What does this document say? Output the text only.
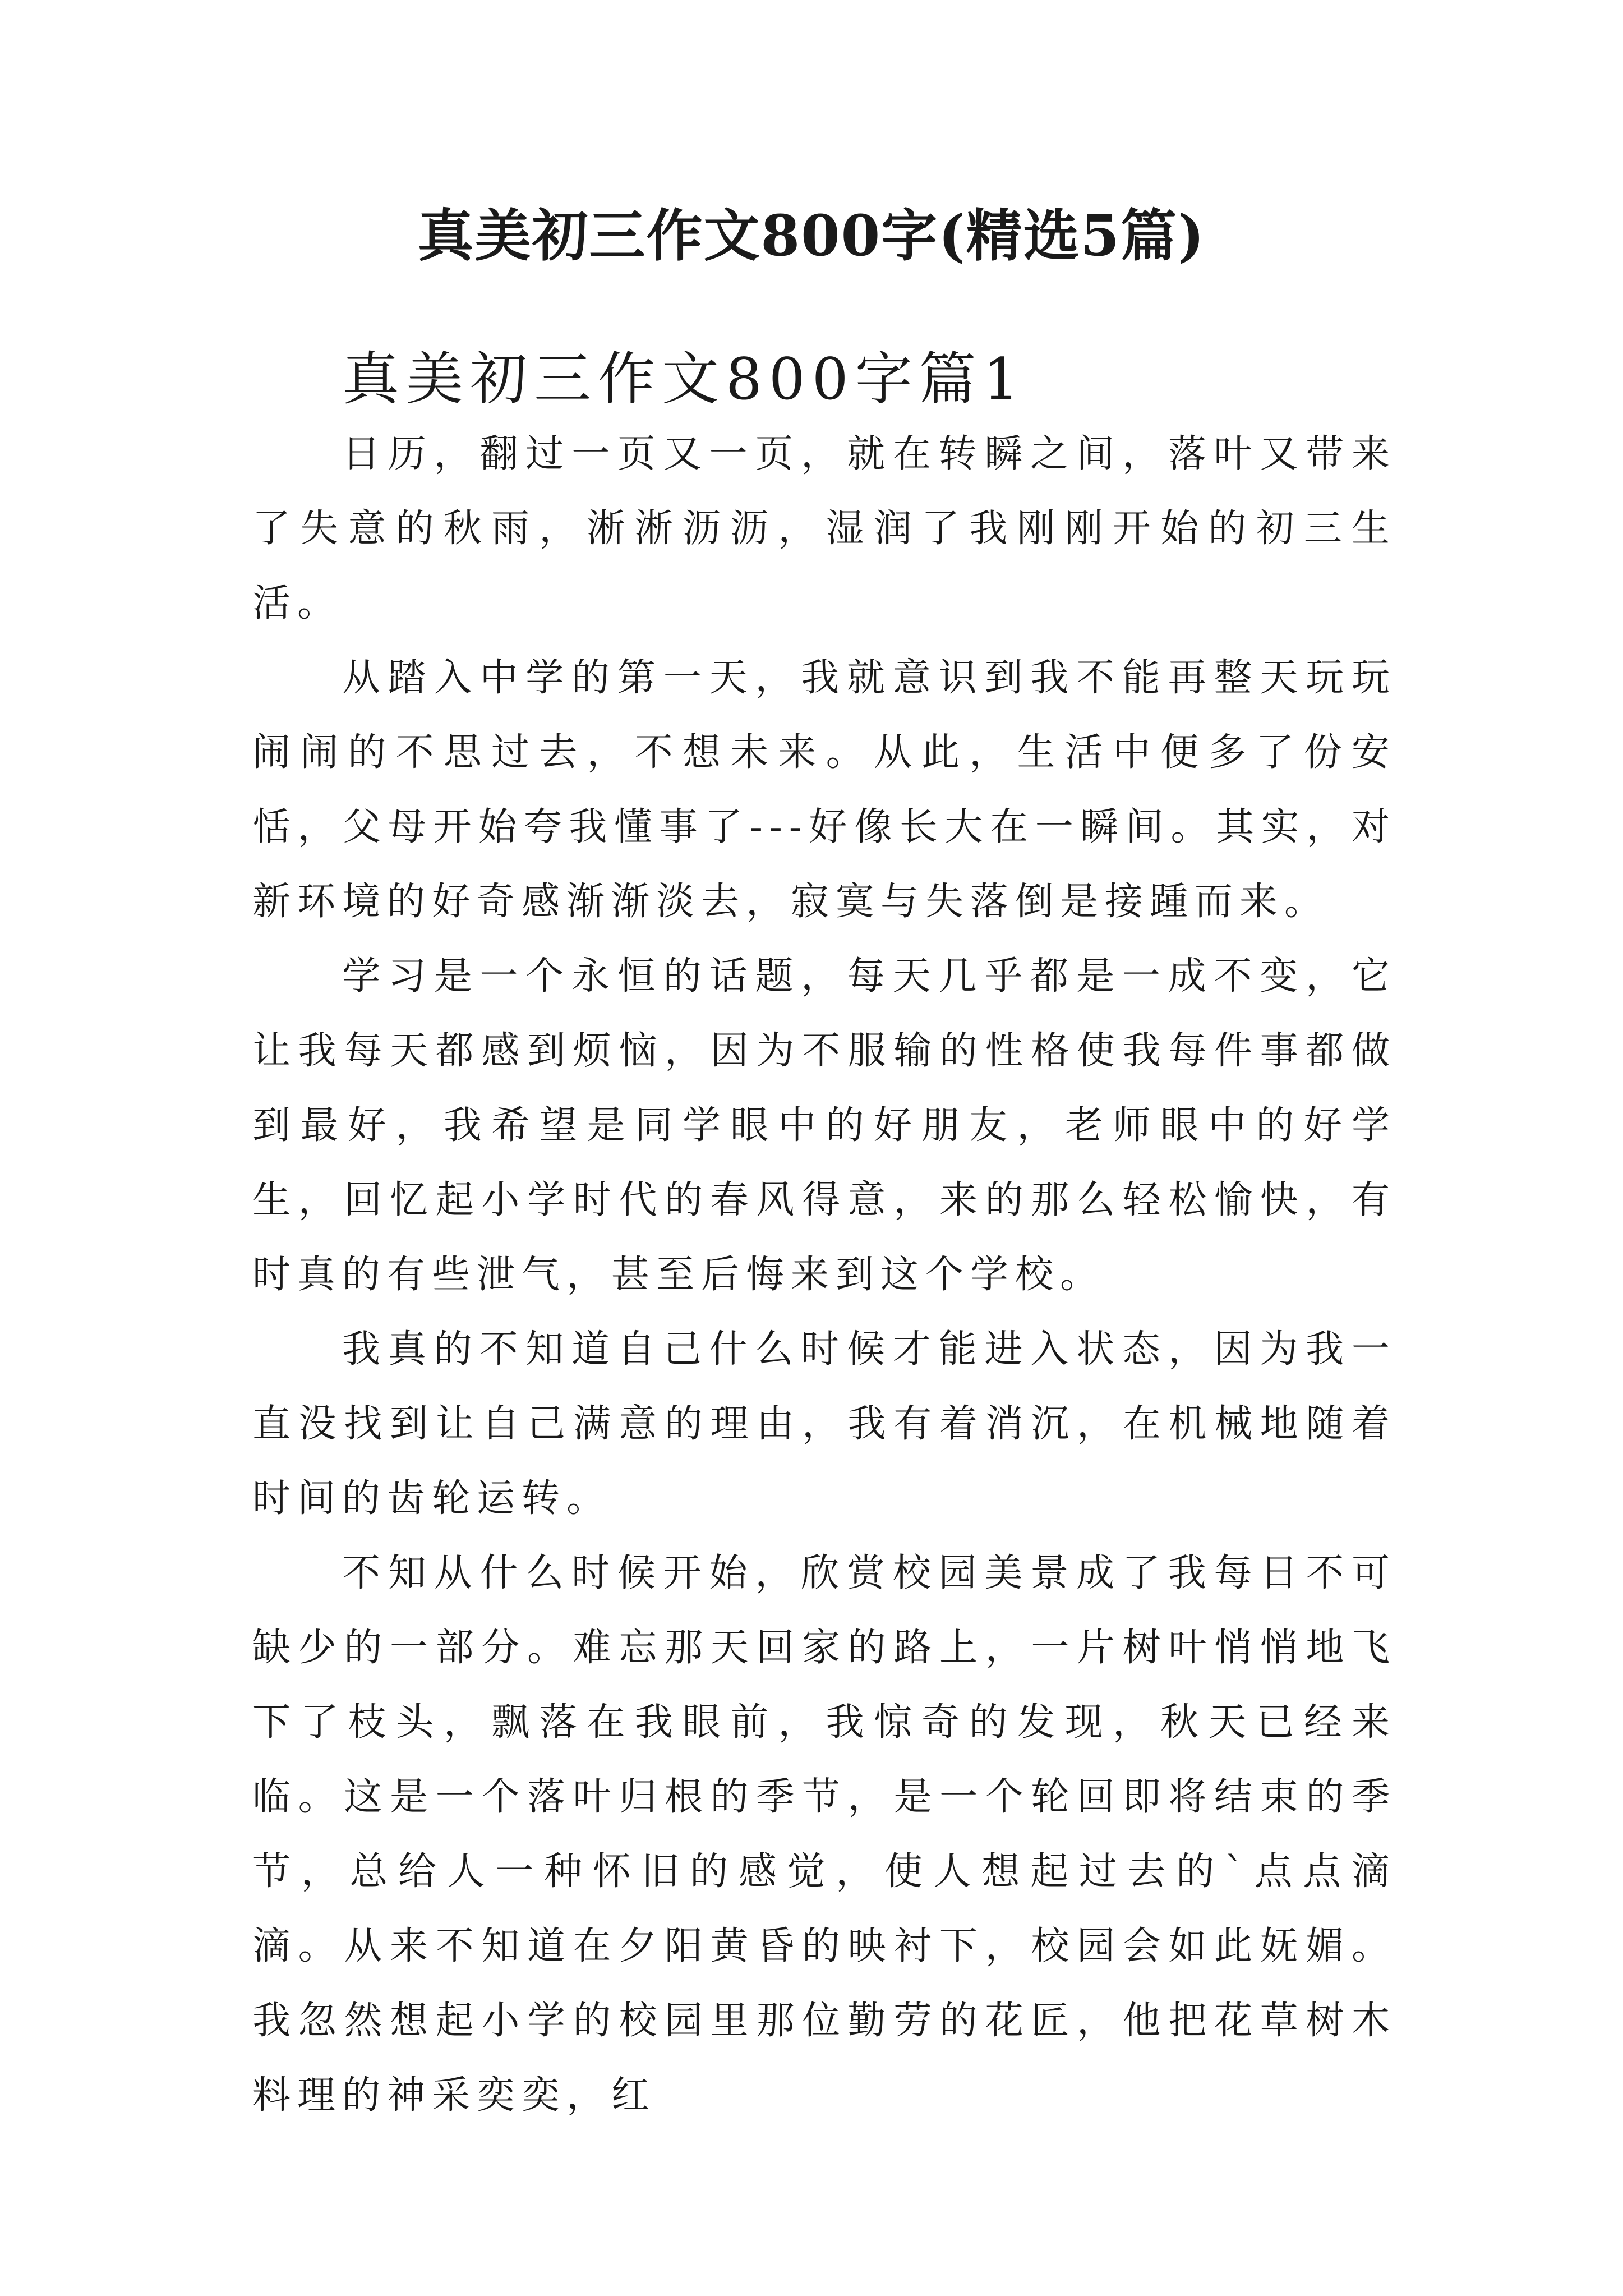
真美初三作文800字(精选5篇)
真美初三作文800字篇1

日历，翻过一页又一页，就在转瞬之间，落叶又带来了失意的秋雨，淅淅沥沥，湿润了我刚刚开始的初三生活。

从踏入中学的第一天，我就意识到我不能再整天玩玩闹闹的不思过去，不想未来。从此，生活中便多了份安恬，父母开始夸我懂事了---好像长大在一瞬间。其实，对新环境的好奇感渐渐淡去，寂寞与失落倒是接踵而来。

学习是一个永恒的话题，每天几乎都是一成不变，它让我每天都感到烦恼，因为不服输的性格使我每件事都做到最好，我希望是同学眼中的好朋友，老师眼中的好学生，回忆起小学时代的春风得意，来的那么轻松愉快，有时真的有些泄气，甚至后悔来到这个学校。

我真的不知道自己什么时候才能进入状态，因为我一直没找到让自己满意的理由，我有着消沉，在机械地随着时间的齿轮运转。

不知从什么时候开始，欣赏校园美景成了我每日不可缺少的一部分。难忘那天回家的路上，一片树叶悄悄地飞下了枝头，飘落在我眼前，我惊奇的发现，秋天已经来临。这是一个落叶归根的季节，是一个轮回即将结束的季节，总给人一种怀旧的感觉，使人想起过去的`点点滴滴。从来不知道在夕阳黄昏的映衬下，校园会如此妩媚。我忽然想起小学的校园里那位勤劳的花匠，他把花草树木料理的神采奕奕，红
